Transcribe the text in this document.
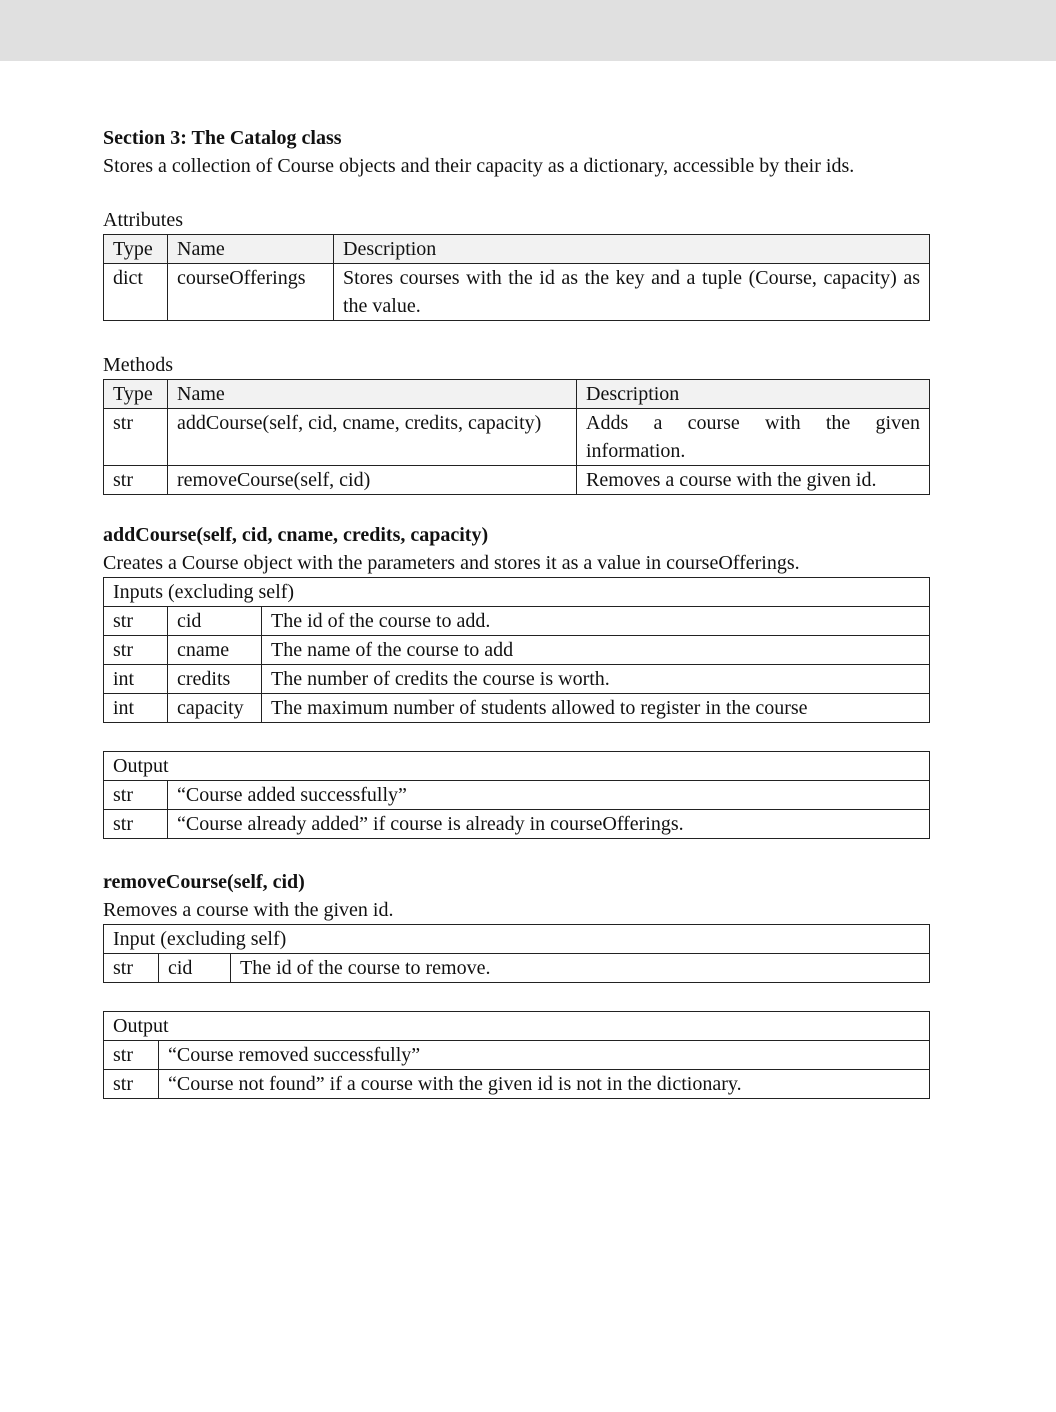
Section 3: The Catalog class
Stores a collection of Course objects and their capacity as a dictionary, accessible by their ids.
Attributes
Type	Name	Description
dict	courseOfferings	Stores courses with the id as the key and a tuple (Course, capacity) as the value.
Methods
Type	Name	Description
str	addCourse(self, cid, cname, credits, capacity)	Adds a course with the given information.
str	removeCourse(self, cid)	Removes a course with the given id.
addCourse(self, cid, cname, credits, capacity)
Creates a Course object with the parameters and stores it as a value in courseOfferings.
Inputs (excluding self)		
str	cid	The id of the course to add.
str	cname	The name of the course to add
int	credits	The number of credits the course is worth.
int	capacity	The maximum number of students allowed to register in the course
Output	
str	“Course added successfully”
str	“Course already added” if course is already in courseOfferings.
removeCourse(self, cid)
Removes a course with the given id.
Input (excluding self)
str	cid	The id of the course to remove.
Output	
str	“Course removed successfully”
str	“Course not found” if a course with the given id is not in the dictionary.
